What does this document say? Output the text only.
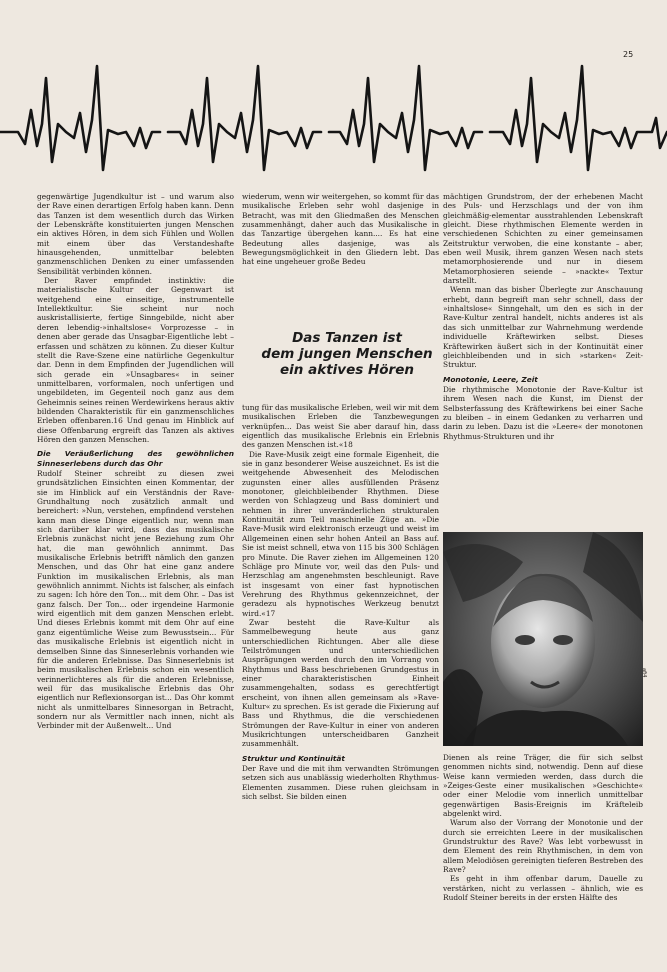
25

gegenwärtige Jugendkultur ist – und warum also der Rave einen derartigen Erfolg haben kann. Denn das Tanzen ist dem wesentlich durch das Wirken der Lebenskräfte konstituierten jungen Menschen ein aktives Hören, in dem sich Fühlen und Wollen mit einem über das Verstandeshafte hinausgehenden, unmittelbar belebten ganzmenschlichen Denken zu einer umfassenden Sensibilität verbinden können.

Der Raver empfindet instinktiv: die materialistische Kultur der Gegenwart ist weitgehend eine einseitige, instrumentelle Intellektkultur. Sie scheint nur noch auskristallisierte, fertige Sinngebilde, nicht aber deren lebendig-»inhaltslose« Vorprozesse – in denen aber gerade das Unsagbar-Eigentliche lebt – erfassen und schätzen zu können. Zu dieser Kultur stellt die Rave-Szene eine natürliche Gegenkultur dar. Denn in dem Empfinden der Jugendlichen will sich gerade ein »Unsagbares« in seiner unmittelbaren, vorformalen, noch unfertigen und ungebildeten, im Gegenteil noch ganz aus dem Geheimnis seines reinen Werdewirkens heraus aktiv bildenden Charakteristik für ein ganzmenschliches Erleben offenbaren.16 Und genau im Hinblick auf diese Offenbarung ergreift das Tanzen als aktives Hören den ganzen Menschen.

Die Veräußerlichung des gewöhnlichen Sinneserlebens durch das Ohr

Rudolf Steiner schreibt zu diesen zwei grundsätzlichen Einsichten einen Kommentar, der sie im Hinblick auf ein Verständnis der Rave-Grundhaltung noch zusätzlich anmalt und bereichert: »Nun, verstehen, empfindend verstehen kann man diese Dinge eigentlich nur, wenn man sich darüber klar wird, dass das musikalische Erlebnis zunächst nicht jene Beziehung zum Ohr hat, die man gewöhnlich annimmt. Das musikalische Erlebnis betrifft nämlich den ganzen Menschen, und das Ohr hat eine ganz andere Funktion im musikalischen Erlebnis, als man gewöhnlich annimmt. Nichts ist falscher, als einfach zu sagen: Ich höre den Ton... mit dem Ohr. – Das ist ganz falsch. Der Ton... oder irgendeine Harmonie wird eigentlich mit dem ganzen Menschen erlebt. Und dieses Erlebnis kommt mit dem Ohr auf eine ganz eigentümliche Weise zum Bewusstsein... Für das musikalische Erlebnis ist eigentlich nicht in demselben Sinne das Sinneserlebnis vorhanden wie für die anderen Erlebnisse. Das Sinneserlebnis ist beim musikalischen Erlebnis schon ein wesentlich verinnerlichteres als für die anderen Erlebnisse, weil für das musikalische Erlebnis das Ohr eigentlich nur Reflexionsorgan ist... Das Ohr kommt nicht als unmittelbares Sinnesorgan in Betracht, sondern nur als Vermittler nach innen, nicht als Verbinder mit der Außenwelt... Und

wiederum, wenn wir weitergehen, so kommt für das musikalische Erleben sehr wohl dasjenige in Betracht, was mit den Gliedmaßen des Menschen zusammenhängt, daher auch das Musikalische in das Tanzartige übergehen kann.... Es hat eine Bedeutung alles dasjenige, was als Bewegungsmöglichkeit in den Gliedern lebt. Das hat eine ungeheuer große Bedeu

Das Tanzen ist
dem jungen Menschen
ein aktives Hören

tung für das musikalische Erleben, weil wir mit dem musikalischen Erleben die Tanzbewegungen verknüpfen... Das weist Sie aber darauf hin, dass eigentlich das musikalische Erlebnis ein Erlebnis des ganzen Menschen ist.«18

Die Rave-Musik zeigt eine formale Eigenheit, die sie in ganz besonderer Weise auszeichnet. Es ist die weitgehende Abwesenheit des Melodischen zugunsten einer alles ausfüllenden Präsenz monotoner, gleichbleibender Rhythmen. Diese werden von Schlagzeug und Bass dominiert und nehmen in ihrer unveränderlichen strukturalen Kontinuität zum Teil maschinelle Züge an. »Die Rave-Musik wird elektronisch erzeugt und weist im Allgemeinen einen sehr hohen Anteil an Bass auf. Sie ist meist schnell, etwa von 115 bis 300 Schlägen pro Minute. Die Raver ziehen im Allgemeinen 120 Schläge pro Minute vor, weil das den Puls- und Herzschlag am angenehmsten beschleunigt. Rave ist insgesamt von einer fast hypnotischen Verehrung des Rhythmus gekennzeichnet, der geradezu als hypnotisches Werkzeug benutzt wird.«17

Zwar besteht die Rave-Kultur als Sammelbewegung heute aus ganz unterschiedlichen Richtungen. Aber alle diese Teilströmungen und unterschiedlichen Ausprägungen werden durch den im Vorrang von Rhythmus und Bass beschriebenen Grundgestus in einer charakteristischen Einheit zusammengehalten, sodass es gerechtfertigt erscheint, von ihnen allen gemeinsam als »Rave-Kultur« zu sprechen. Es ist gerade die Fixierung auf Bass und Rhythmus, die die verschiedenen Strömungen der Rave-Kultur in einer von anderen Musikrichtungen unterscheidbaren Ganzheit zusammenhält.

Struktur und Kontinuität

Der Rave und die mit ihm verwandten Strömungen setzen sich aus unablässig wiederholten Rhythmus-Elementen zusammen. Diese ruhen gleichsam in sich selbst. Sie bilden einen

mächtigen Grundstrom, der der erhebenen Macht des Puls- und Herzschlags und der von ihm gleichmäßig-elementar ausstrahlenden Lebenskraft gleicht. Diese rhythmischen Elemente werden in verschiedenen Schichten zu einer gemeinsamen Zeitstruktur verwoben, die eine konstante – aber, eben weil Musik, ihrem ganzen Wesen nach stets metamorphosierende und nur in diesem Metamorphosieren seiende – »nackte« Textur darstellt.

Wenn man das bisher Überlegte zur Anschauung erhebt, dann begreift man sehr schnell, dass der »inhaltslose« Sinngehalt, um den es sich in der Rave-Kultur zentral handelt, nichts anderes ist als das sich unmittelbar zur Wahrnehmung werdende individuelle Kräftewirken selbst. Dieses Kräftewirken äußert sich in der Kontinuität einer gleichbleibenden und in sich »starken« Zeit-Struktur.

Monotonie, Leere, Zeit

Die rhythmische Monotonie der Rave-Kultur ist ihrem Wesen nach die Kunst, im Dienst der Selbsterfassung des Kräftewirkens bei einer Sache zu bleiben – in einem Gedanken zu verharren und darin zu leben. Dazu ist die »Leere« der monotonen Rhythmus-Strukturen und ihr

afi4

Dienen als reine Träger, die für sich selbst genommen nichts sind, notwendig. Denn auf diese Weise kann vermieden werden, dass durch die »Zeiges-Geste einer musikalischen »Geschichte« oder einer Melodie vom innerlich unmittelbar gegenwärtigen Basis-Ereignis im Kräfteleib abgelenkt wird.

Warum also der Vorrang der Monotonie und der durch sie erreichten Leere in der musikalischen Grundstruktur des Rave? Was lebt vorbewusst in dem Element des rein Rhythmischen, in dem von allem Melodiösen gereinigten tieferen Bestreben des Rave?

Es geht in ihm offenbar darum, Dauelle zu verstärken, nicht zu verlassen – ähnlich, wie es Rudolf Steiner bereits in der ersten Hälfte des
